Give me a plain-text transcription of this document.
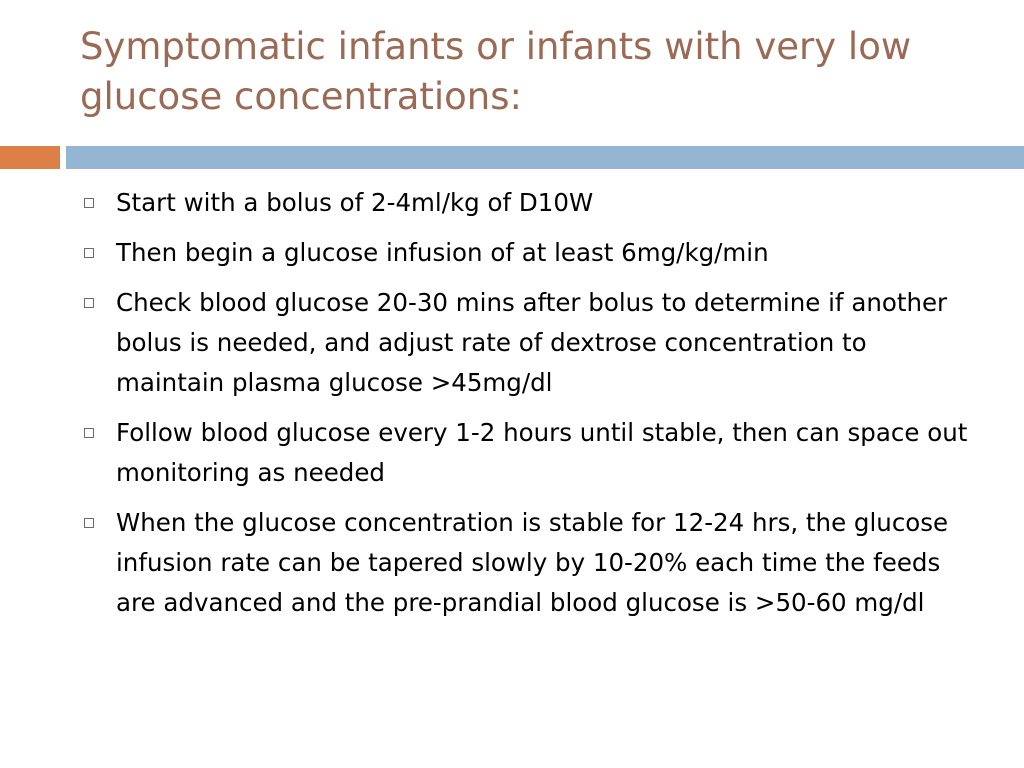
Symptomatic infants or infants with very low glucose concentrations:
Start with a bolus of 2-4ml/kg of D10W
Then begin a glucose infusion of at least 6mg/kg/min
Check blood glucose 20-30 mins after bolus to determine if another bolus is needed, and adjust rate of dextrose concentration to maintain plasma glucose >45mg/dl
Follow blood glucose every 1-2 hours until stable, then can space out monitoring as needed
When the glucose concentration is stable for 12-24 hrs, the glucose infusion rate can be tapered slowly by 10-20% each time the feeds are advanced and the pre-prandial blood glucose is >50-60 mg/dl
